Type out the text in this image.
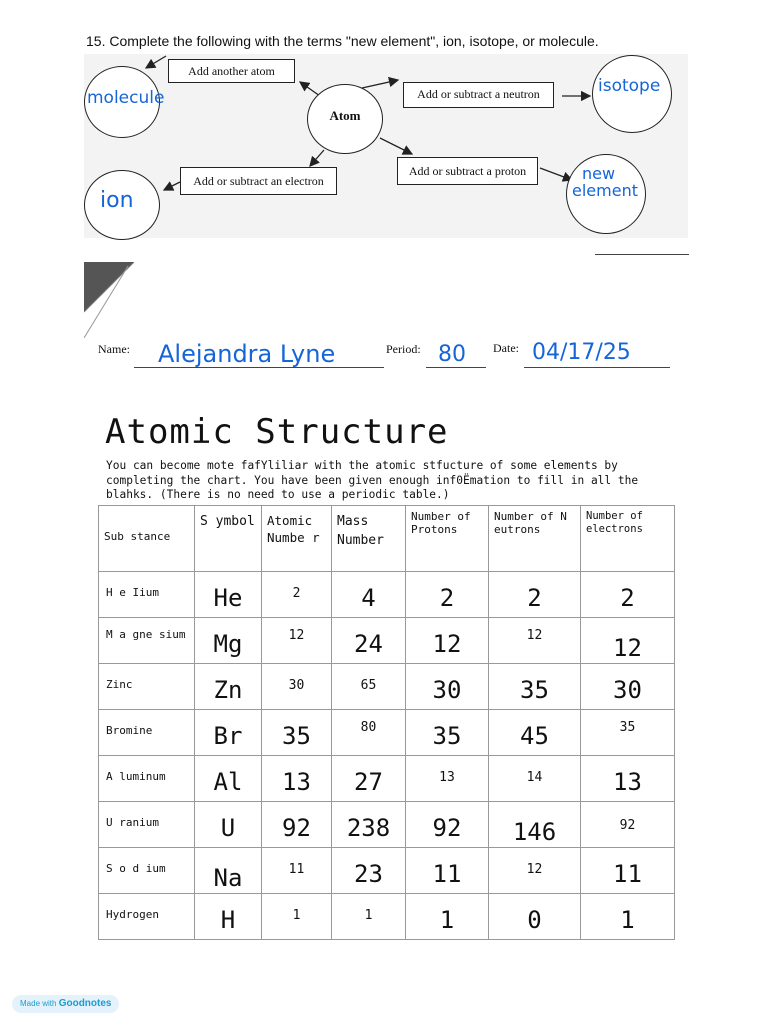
15. Complete the following with the terms "new element", ion, isotope, or molecule.
molecule
Add another atom
Atom
Add or subtract a neutron	isotope
Add or subtract an electron
Add or subtract a proton
ion
new
element
Name: Alejandra Lyne	Period: 80 Date: 04/17/25
Atomic Structure
You can become mote fafYliliar with the atomic stfucture of some elements by completing the chart. You have been given enough inf0Ëmation to fill in all the blahks. (There is no need to use a periodic table.)
Sub stance	S ymbol	Atomic Numbe r	Mass Number	Number of Protons	Number of N eutrons	Number of electrons
H e Iium	He	2	4	2	2	2
M a gne sium	Mg	12	24	12	12	12
Zinc	Zn	30	65	30	35	30
Bromine	Br	35	80	35	45	35
A luminum	Al	13	27	13	14	13
U ranium	U	92	238	92	146	92
S o d ium	Na	11	23	11	12	11
Hydrogen	H	1	1	1	0	1
Made with Goodnotes
